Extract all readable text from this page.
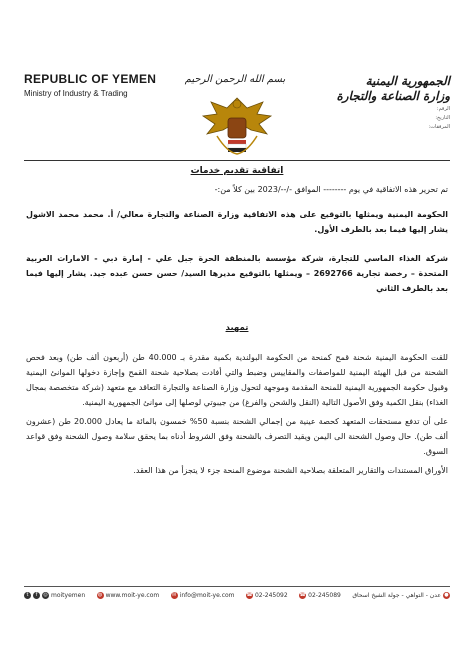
REPUBLIC OF YEMEN
Ministry of Industry & Trading
بسم الله الرحمن الرحيم	الجمهورية اليمنية
وزارة الصناعة والتجارة
الرقم:
التاريخ:
المرفقات:
اتفاقية تقديم خدمات
تم تحرير هذه الاتفاقية في يوم -------- الموافق -/--/2023 بين كلاً من:-
الحكومة اليمنية ويمثلها بالتوقيع على هذه الاتفاقية وزارة الصناعة والتجارة معالي/ أ. محمد محمد الاشول يشار إليها فيما بعد بالطرف الأول.
شركة الغذاء الماسي للتجارة، شركة مؤسسة بالمنطقة الحرة جبل علي - إمارة دبي - الامارات العربية المتحدة – رخصة تجارية 2692766 – ويمثلها بالتوقيع مديرها السيد/ حسن حسن عبده جيد. يشار إليها فيما بعد بالطرف الثاني
تمهيد

للقت الحكومة اليمنية شحنة قمح كمنحة من الحكومة البولندية بكمية مقدرة بـ 40.000 طن (أربعون ألف طن) وبعد فحص الشحنة من قبل الهيئة اليمنية للمواصفات والمقاييس وضبط والتي أفادت بصلاحية شحنة القمح وإجازة دخولها الموانئ اليمنية وقبول حكومة الجمهورية اليمنية للمنحة المقدمة وموجهة لتحول وزارة الصناعة والتجارة التعاقد مع متعهد (شركة متخصصة بمجال الغذاء) بنقل الكمية وفق الأصول التالية (النقل والشحن والفرغ) من جيبوتي لوصلها إلى موانئ الجمهورية اليمنية.

على أن تدفع مستحقات المتعهد كحصة عينية من إجمالي الشحنة بنسبة 50% خمسون بالمائة ما يعادل 20.000 طن (عشرون ألف طن). حال وصول الشحنة الى اليمن ويقيد التصرف بالشحنة وفق الشروط أدناه بما يحقق سلامة وصول الشحنة وفق قواعد السوق.

الأوراق المستندات والتقارير المتعلقة بصلاحية الشحنة موضوع المنحة جزء لا يتجزأ من هذا العقد.

t	f	◎ moityemen	◍ www.moit-ye.com	✉ info@moit-ye.com ☎ 02-245092 ☎ 02-245089	●
عدن - التواهي - جولة الشيخ اسحاق
